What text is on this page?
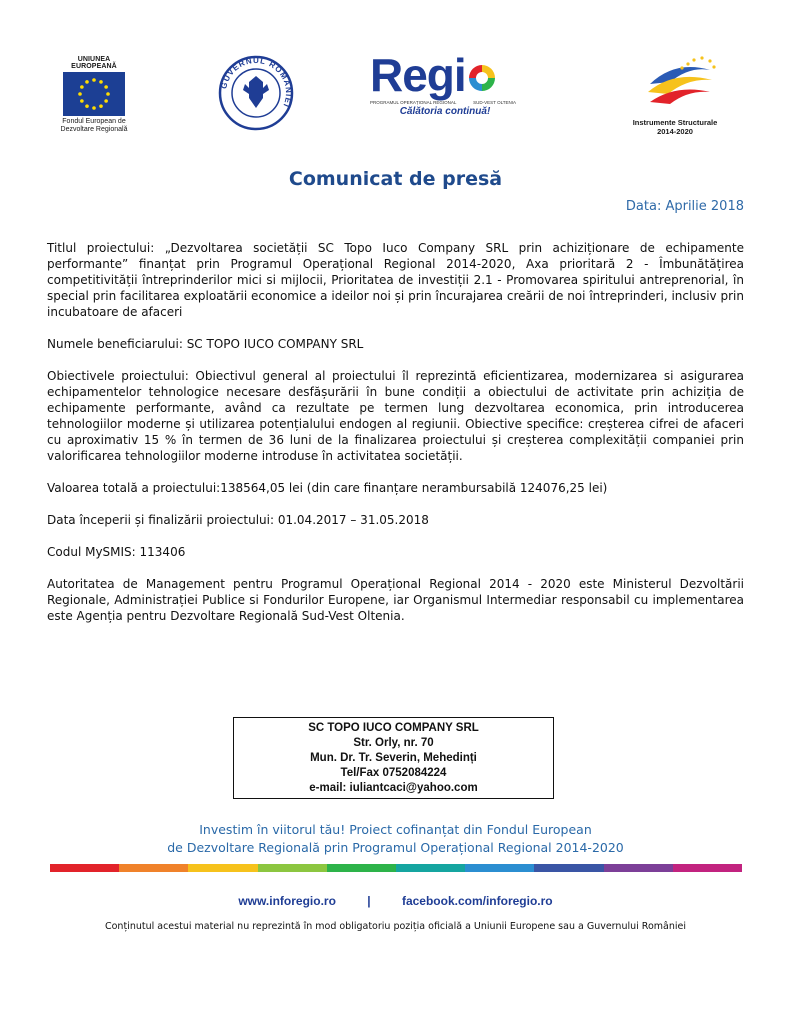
UNIUNEA EUROPEANĂ
Fondul European de
Dezvoltare Regională
GUVERNUL ROMÂNIEI
Regi
PROGRAMUL OPERAȚIONAL REGIONAL	SUD-VEST OLTENIA
Călătoria continuă!
Instrumente Structurale
2014-2020
Comunicat de presă
Data: Aprilie 2018

Titlul proiectului: „Dezvoltarea societății SC Topo Iuco Company SRL prin achiziționare de echipamente performante” finanțat prin Programul Operațional Regional 2014-2020, Axa prioritară 2 - Îmbunătățirea competitivității întreprinderilor mici si mijlocii, Prioritatea de investiții 2.1 - Promovarea spiritului antreprenorial, în special prin facilitarea exploatării economice a ideilor noi și prin încurajarea creării de noi întreprinderi, inclusiv prin incubatoare de afaceri

Numele beneficiarului: SC TOPO IUCO COMPANY SRL

Obiectivele proiectului: Obiectivul general al proiectului îl reprezintă eficientizarea, modernizarea si asigurarea echipamentelor tehnologice necesare desfășurării în bune condiții a obiectului de activitate prin achiziția de echipamente performante, având ca rezultate pe termen lung dezvoltarea economica, prin introducerea tehnologiilor moderne și utilizarea potențialului endogen al regiunii. Obiective specifice: creșterea cifrei de afaceri cu aproximativ 15 % în termen de 36 luni de la finalizarea proiectului și creșterea complexității companiei prin valorificarea tehnologiilor moderne introduse în activitatea societății.

Valoarea totală a proiectului:138564,05 lei (din care finanțare nerambursabilă 124076,25 lei)

Data începerii și finalizării proiectului: 01.04.2017 – 31.05.2018

Codul MySMIS: 113406

Autoritatea de Management pentru Programul Operațional Regional 2014 - 2020 este Ministerul Dezvoltării Regionale, Administrației Publice si Fondurilor Europene, iar Organismul Intermediar responsabil cu implementarea este Agenția pentru Dezvoltare Regională Sud-Vest Oltenia.

SC TOPO IUCO COMPANY SRL
Str. Orly, nr. 70
Mun. Dr. Tr. Severin, Mehedinți
Tel/Fax 0752084224
e-mail: iuliantcaci@yahoo.com
Investim în viitorul tău! Proiect cofinanțat din Fondul European
de Dezvoltare Regională prin Programul Operațional Regional 2014-2020
www.inforegio.ro	|	facebook.com/inforegio.ro
Conținutul acestui material nu reprezintă în mod obligatoriu poziția oficială a Uniunii Europene sau a Guvernului României
